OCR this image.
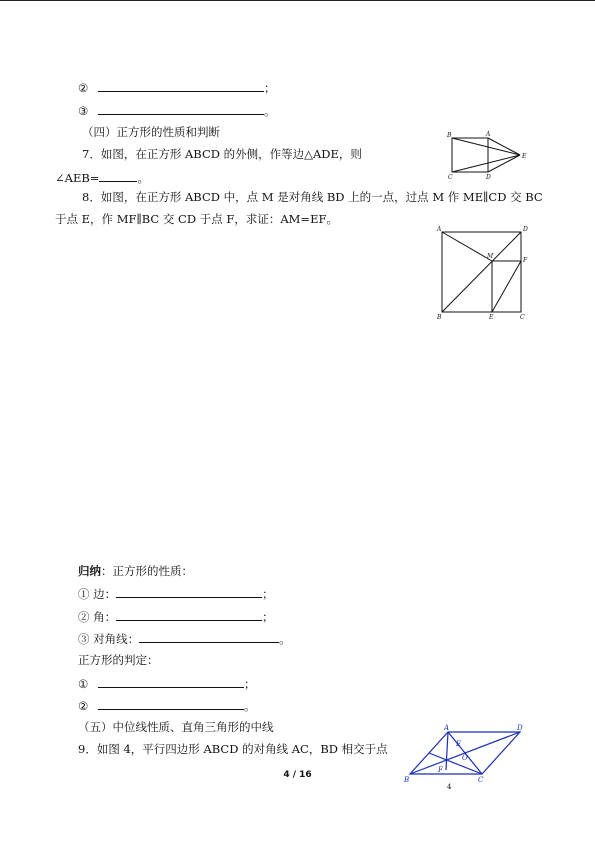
②	；
③	。
（四）正方形的性质和判断
7．如图，在正方形 ABCD 的外侧，作等边△ADE，则
∠AEB=	。
B	A
C	D
E
8．如图，在正方形 ABCD 中，点 M 是对角线 BD 上的一点，过点 M 作 ME∥CD 交 BC
于点 E，作 MF∥BC 交 CD 于点 F，求证：AM=EF。
A	D
M
F
B	E	C
归纳：正方形的性质：
① 边：	；
② 角：	；
③ 对角线：	。
正方形的判定：
①	；
②	。
（五）中位线性质、直角三角形的中线
9．如图 4，平行四边形 ABCD 的对角线 AC，BD 相交于点
A	D
E
F
O
B	C
4
4 / 16
